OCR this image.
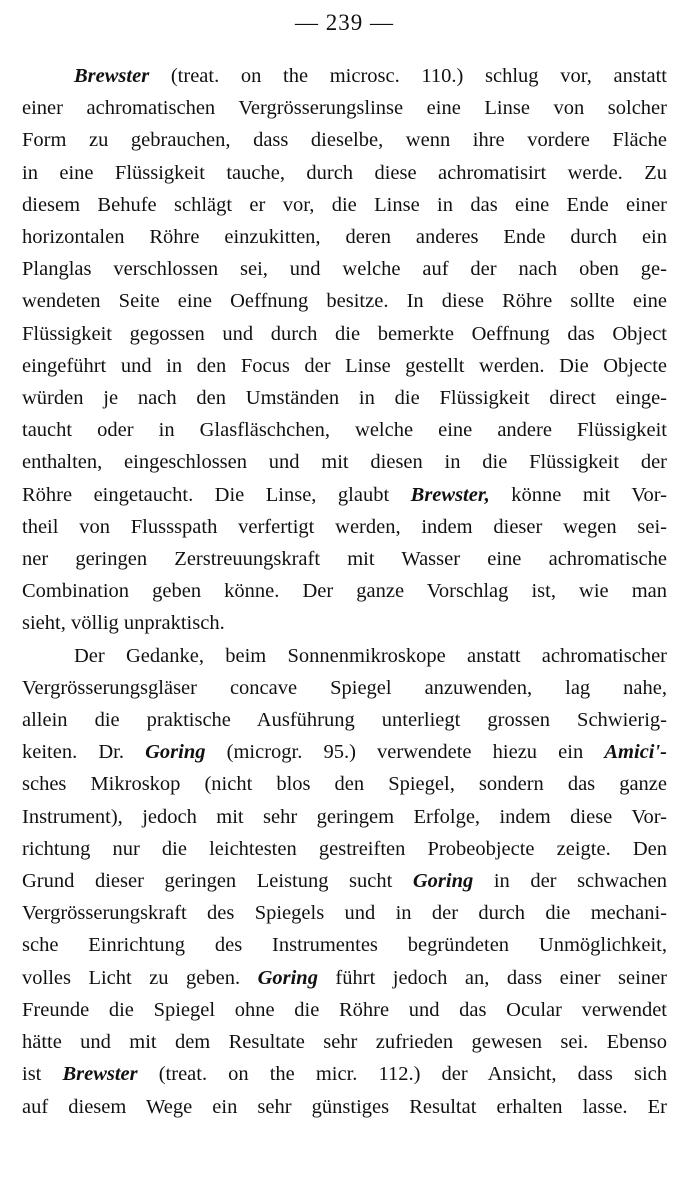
— 239 —
Brewster (treat. on the microsc. 110.) schlug vor, anstatt
einer achromatischen Vergrösserungslinse eine Linse von solcher
Form zu gebrauchen, dass dieselbe, wenn ihre vordere Fläche
in eine Flüssigkeit tauche, durch diese achromatisirt werde. Zu
diesem Behufe schlägt er vor, die Linse in das eine Ende einer
horizontalen Röhre einzukitten, deren anderes Ende durch ein
Planglas verschlossen sei, und welche auf der nach oben ge-
wendeten Seite eine Oeffnung besitze. In diese Röhre sollte eine
Flüssigkeit gegossen und durch die bemerkte Oeffnung das Object
eingeführt und in den Focus der Linse gestellt werden. Die Objecte
würden je nach den Umständen in die Flüssigkeit direct einge-
taucht oder in Glasfläschchen, welche eine andere Flüssigkeit
enthalten, eingeschlossen und mit diesen in die Flüssigkeit der
Röhre eingetaucht. Die Linse, glaubt Brewster, könne mit Vor-
theil von Flussspath verfertigt werden, indem dieser wegen sei-
ner geringen Zerstreuungskraft mit Wasser eine achromatische
Combination geben könne. Der ganze Vorschlag ist, wie man
sieht, völlig unpraktisch.
Der Gedanke, beim Sonnenmikroskope anstatt achromatischer
Vergrösserungsgläser concave Spiegel anzuwenden, lag nahe,
allein die praktische Ausführung unterliegt grossen Schwierig-
keiten. Dr. Goring (microgr. 95.) verwendete hiezu ein Amici'-
sches Mikroskop (nicht blos den Spiegel, sondern das ganze
Instrument), jedoch mit sehr geringem Erfolge, indem diese Vor-
richtung nur die leichtesten gestreiften Probeobjecte zeigte. Den
Grund dieser geringen Leistung sucht Goring in der schwachen
Vergrösserungskraft des Spiegels und in der durch die mechani-
sche Einrichtung des Instrumentes begründeten Unmöglichkeit,
volles Licht zu geben. Goring führt jedoch an, dass einer seiner
Freunde die Spiegel ohne die Röhre und das Ocular verwendet
hätte und mit dem Resultate sehr zufrieden gewesen sei. Ebenso
ist Brewster (treat. on the micr. 112.) der Ansicht, dass sich
auf diesem Wege ein sehr günstiges Resultat erhalten lasse. Er
